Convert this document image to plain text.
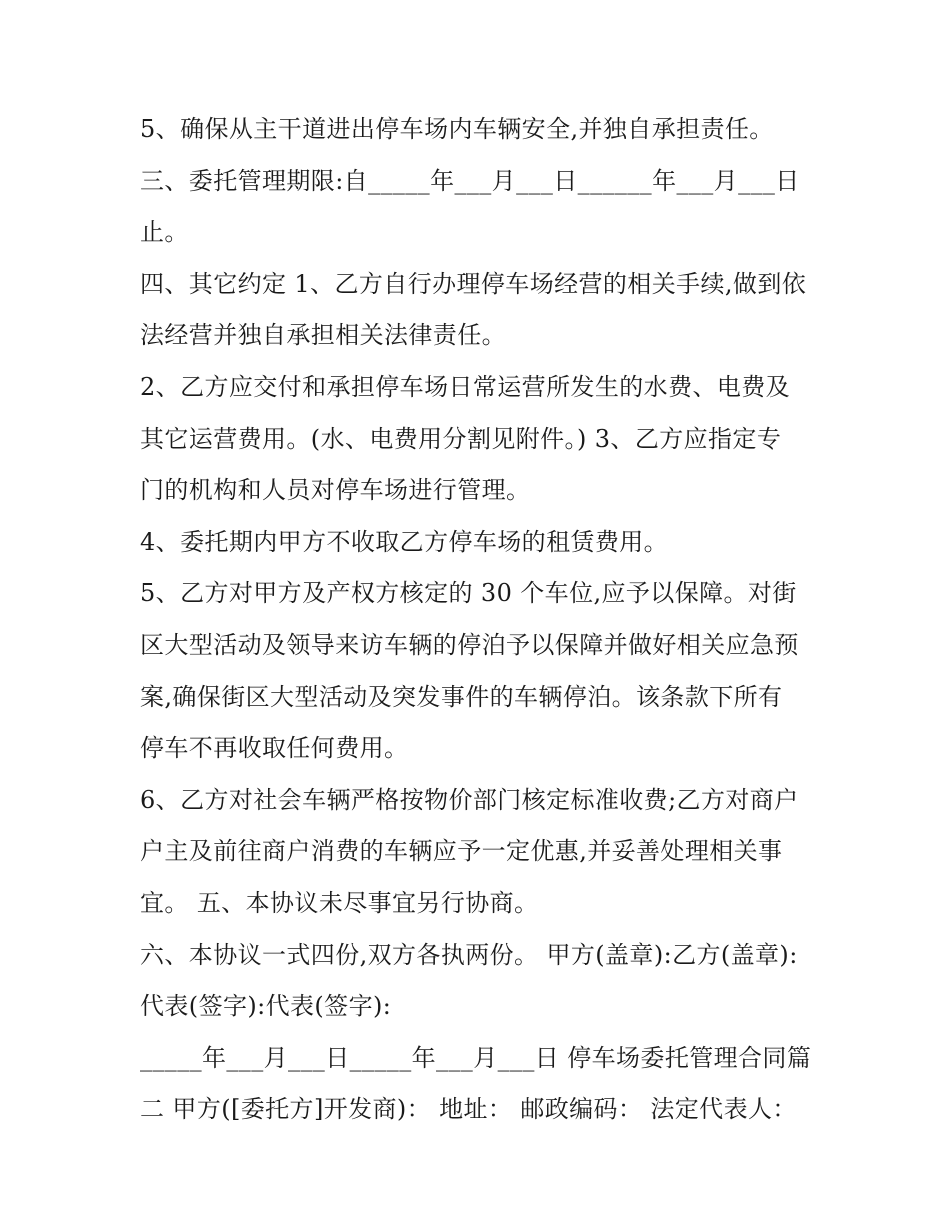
5、确保从主干道进出停车场内车辆安全,并独自承担责任。
三、委托管理期限:自_____年___月___日______年___月___日
止。
四、其它约定 1、乙方自行办理停车场经营的相关手续,做到依
法经营并独自承担相关法律责任。
2、乙方应交付和承担停车场日常运营所发生的水费、电费及
其它运营费用。(水、电费用分割见附件。) 3、乙方应指定专
门的机构和人员对停车场进行管理。
4、委托期内甲方不收取乙方停车场的租赁费用。
5、乙方对甲方及产权方核定的 30 个车位,应予以保障。对街
区大型活动及领导来访车辆的停泊予以保障并做好相关应急预
案,确保街区大型活动及突发事件的车辆停泊。该条款下所有
停车不再收取任何费用。
6、乙方对社会车辆严格按物价部门核定标准收费;乙方对商户
户主及前往商户消费的车辆应予一定优惠,并妥善处理相关事
宜。 五、本协议未尽事宜另行协商。
六、本协议一式四份,双方各执两份。 甲方(盖章):乙方(盖章):
代表(签字):代表(签字):
_____年___月___日_____年___月___日 停车场委托管理合同篇
二 甲方([委托方]开发商)： 地址： 邮政编码： 法定代表人：
